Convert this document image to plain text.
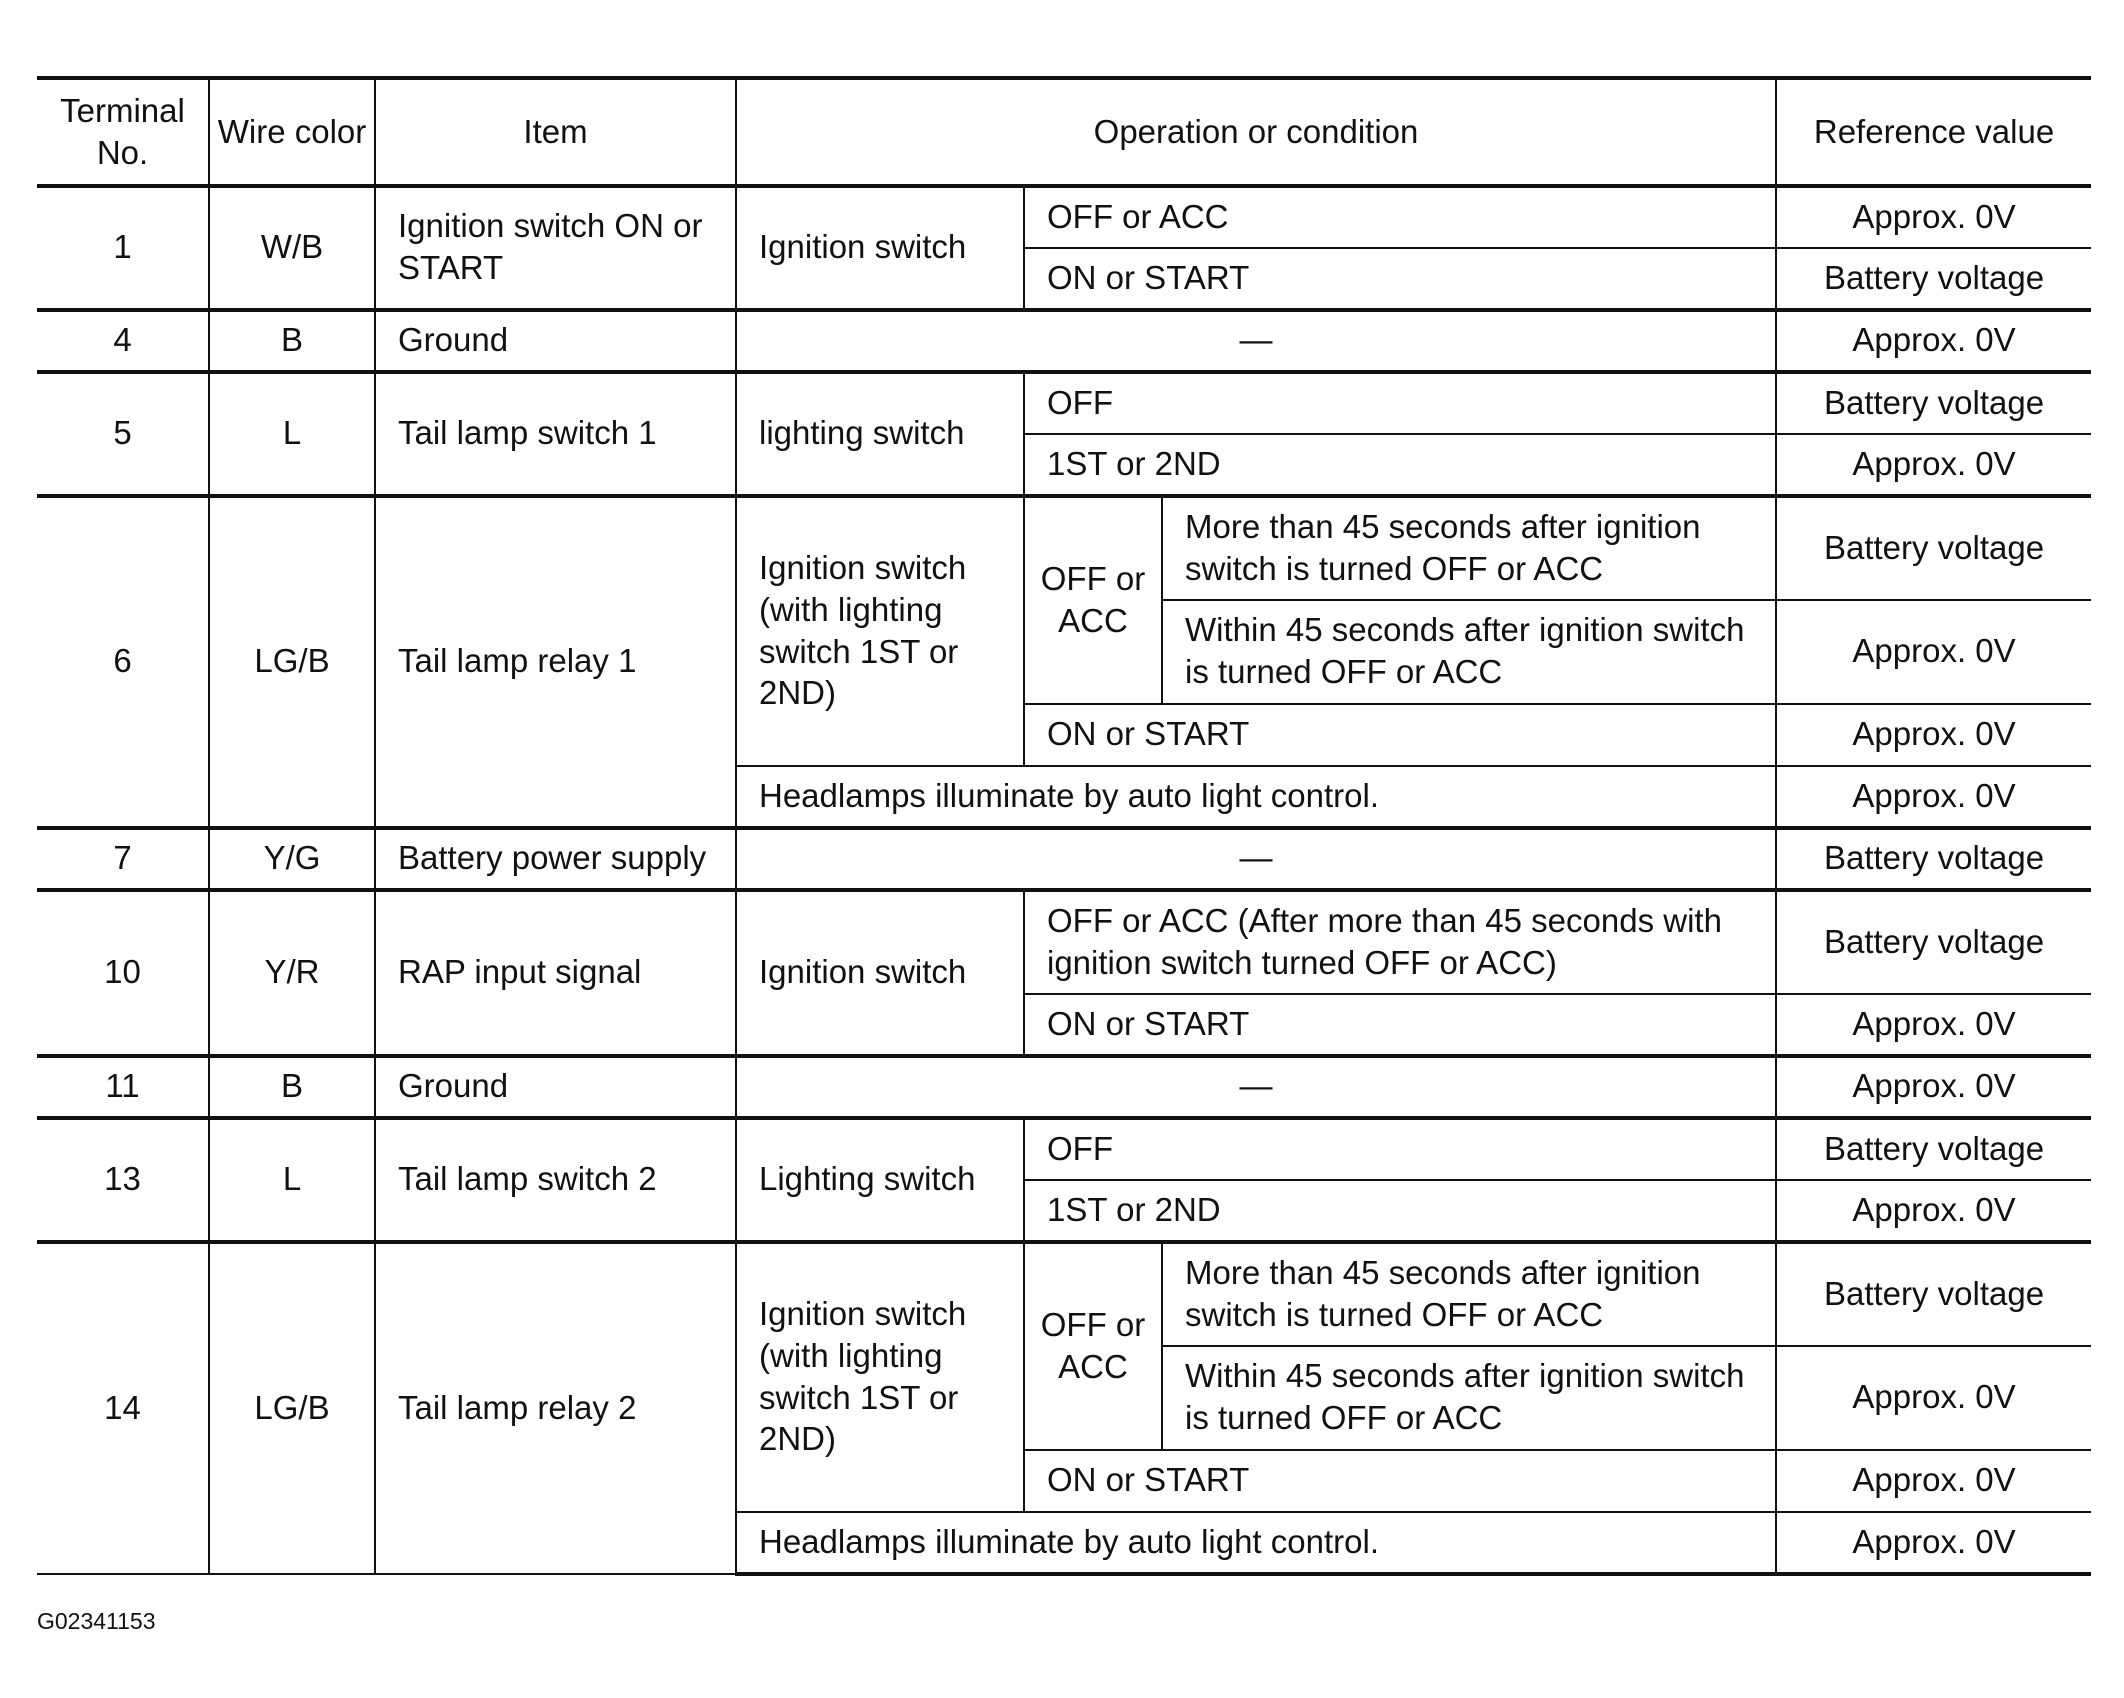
Terminal No.	Wire color	Item	Operation or condition			Reference value
1	W/B	Ignition switch ON or START	Ignition switch	OFF or ACC		Approx. 0V
				ON or START		Battery voltage
4	B	Ground	—			Approx. 0V
5	L	Tail lamp switch 1	lighting switch	OFF		Battery voltage
				1ST or 2ND		Approx. 0V
6	LG/B	Tail lamp relay 1	Ignition switch (with lighting switch 1ST or 2ND)	OFF or ACC	More than 45 seconds after ignition switch is turned OFF or ACC	Battery voltage
					Within 45 seconds after ignition switch is turned OFF or ACC	Approx. 0V
				ON or START		Approx. 0V
			Headlamps illuminate by auto light control.			Approx. 0V
7	Y/G	Battery power supply	—			Battery voltage
10	Y/R	RAP input signal	Ignition switch	OFF or ACC (After more than 45 seconds with ignition switch turned OFF or ACC)		Battery voltage
				ON or START		Approx. 0V
11	B	Ground	—			Approx. 0V
13	L	Tail lamp switch 2	Lighting switch	OFF		Battery voltage
				1ST or 2ND		Approx. 0V
14	LG/B	Tail lamp relay 2	Ignition switch (with lighting switch 1ST or 2ND)	OFF or ACC	More than 45 seconds after ignition switch is turned OFF or ACC	Battery voltage
					Within 45 seconds after ignition switch is turned OFF or ACC	Approx. 0V
				ON or START		Approx. 0V
			Headlamps illuminate by auto light control.			Approx. 0V
G02341153
